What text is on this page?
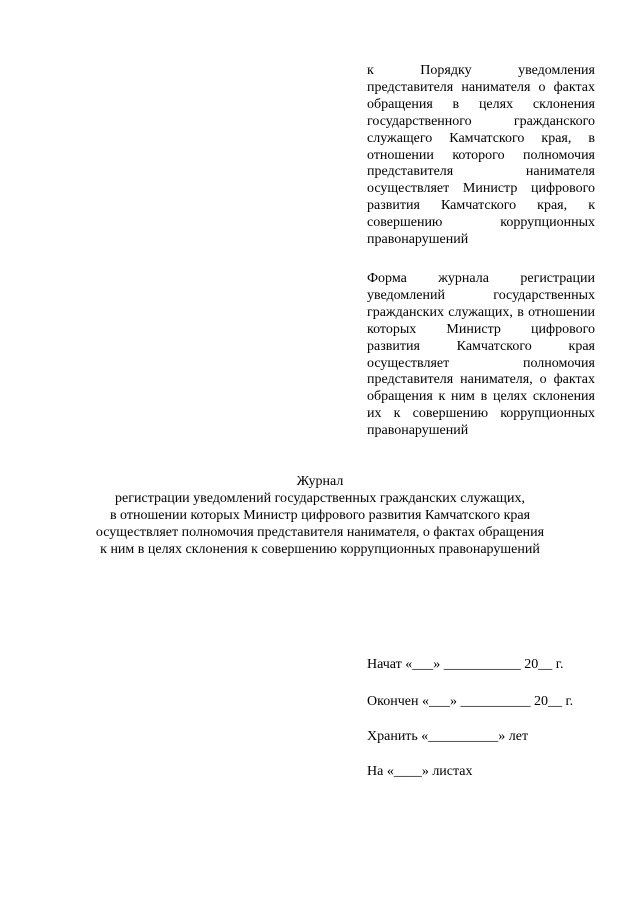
к Порядку уведомления представителя нанимателя о фактах обращения в целях склонения государственного гражданского служащего Камчатского края, в отношении которого полномочия представителя нанимателя осуществляет Министр цифрового развития Камчатского края, к совершению коррупционных правонарушений
Форма журнала регистрации уведомлений государственных гражданских служащих, в отношении которых Министр цифрового развития Камчатского края осуществляет полномочия представителя нанимателя, о фактах обращения к ним в целях склонения их к совершению коррупционных правонарушений
Журнал
регистрации уведомлений государственных гражданских служащих,
в отношении которых Министр цифрового развития Камчатского края
осуществляет полномочия представителя нанимателя, о фактах обращения
к ним в целях склонения к совершению коррупционных правонарушений
Начат «___» ___________ 20__ г.
Окончен «___» __________ 20__ г.
Хранить «__________» лет
На «____» листах
